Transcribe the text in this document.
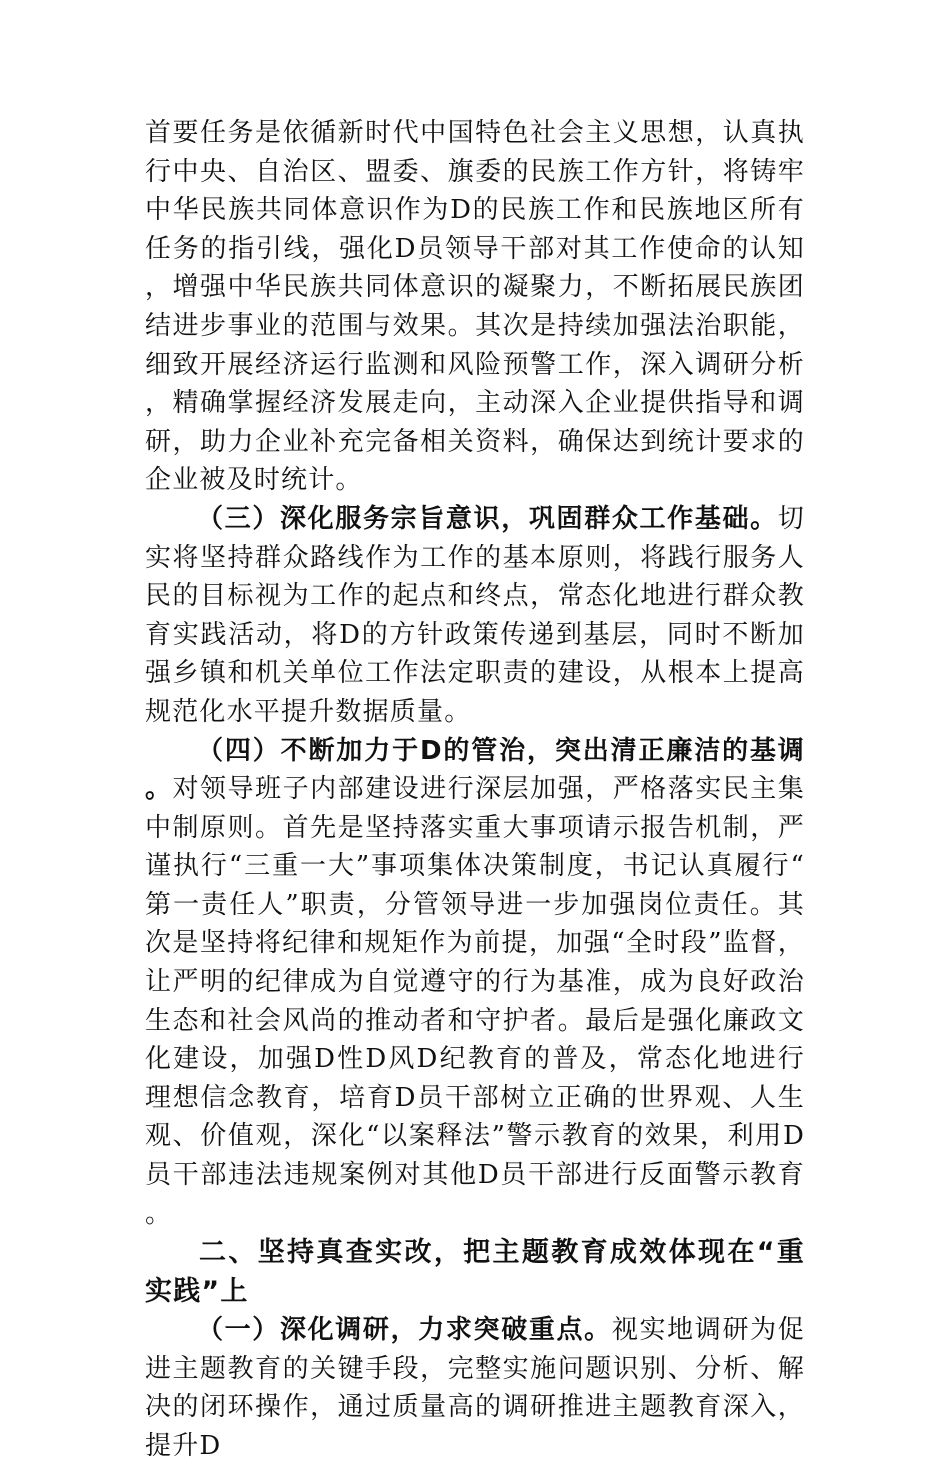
首要任务是依循新时代中国特色社会主义思想，认真执行中央、自治区、盟委、旗委的民族工作方针，将铸牢中华民族共同体意识作为D的民族工作和民族地区所有任务的指引线，强化D员领导干部对其工作使命的认知，增强中华民族共同体意识的凝聚力，不断拓展民族团结进步事业的范围与效果。其次是持续加强法治职能，细致开展经济运行监测和风险预警工作，深入调研分析，精确掌握经济发展走向，主动深入企业提供指导和调研，助力企业补充完备相关资料，确保达到统计要求的企业被及时统计。

（三）深化服务宗旨意识，巩固群众工作基础。切实将坚持群众路线作为工作的基本原则，将践行服务人民的目标视为工作的起点和终点，常态化地进行群众教育实践活动，将D的方针政策传递到基层，同时不断加强乡镇和机关单位工作法定职责的建设，从根本上提高规范化水平提升数据质量。

（四）不断加力于D的管治，突出清正廉洁的基调。对领导班子内部建设进行深层加强，严格落实民主集中制原则。首先是坚持落实重大事项请示报告机制，严谨执行“三重一大”事项集体决策制度，书记认真履行“第一责任人”职责，分管领导进一步加强岗位责任。其次是坚持将纪律和规矩作为前提，加强“全时段”监督，让严明的纪律成为自觉遵守的行为基准，成为良好政治生态和社会风尚的推动者和守护者。最后是强化廉政文化建设，加强D性D风D纪教育的普及，常态化地进行理想信念教育，培育D员干部树立正确的世界观、人生观、价值观，深化“以案释法”警示教育的效果，利用D员干部违法违规案例对其他D员干部进行反面警示教育。

二、坚持真查实改，把主题教育成效体现在“重实践”上

（一）深化调研，力求突破重点。视实地调研为促进主题教育的关键手段，完整实施问题识别、分析、解决的闭环操作，通过质量高的调研推进主题教育深入，提升D
